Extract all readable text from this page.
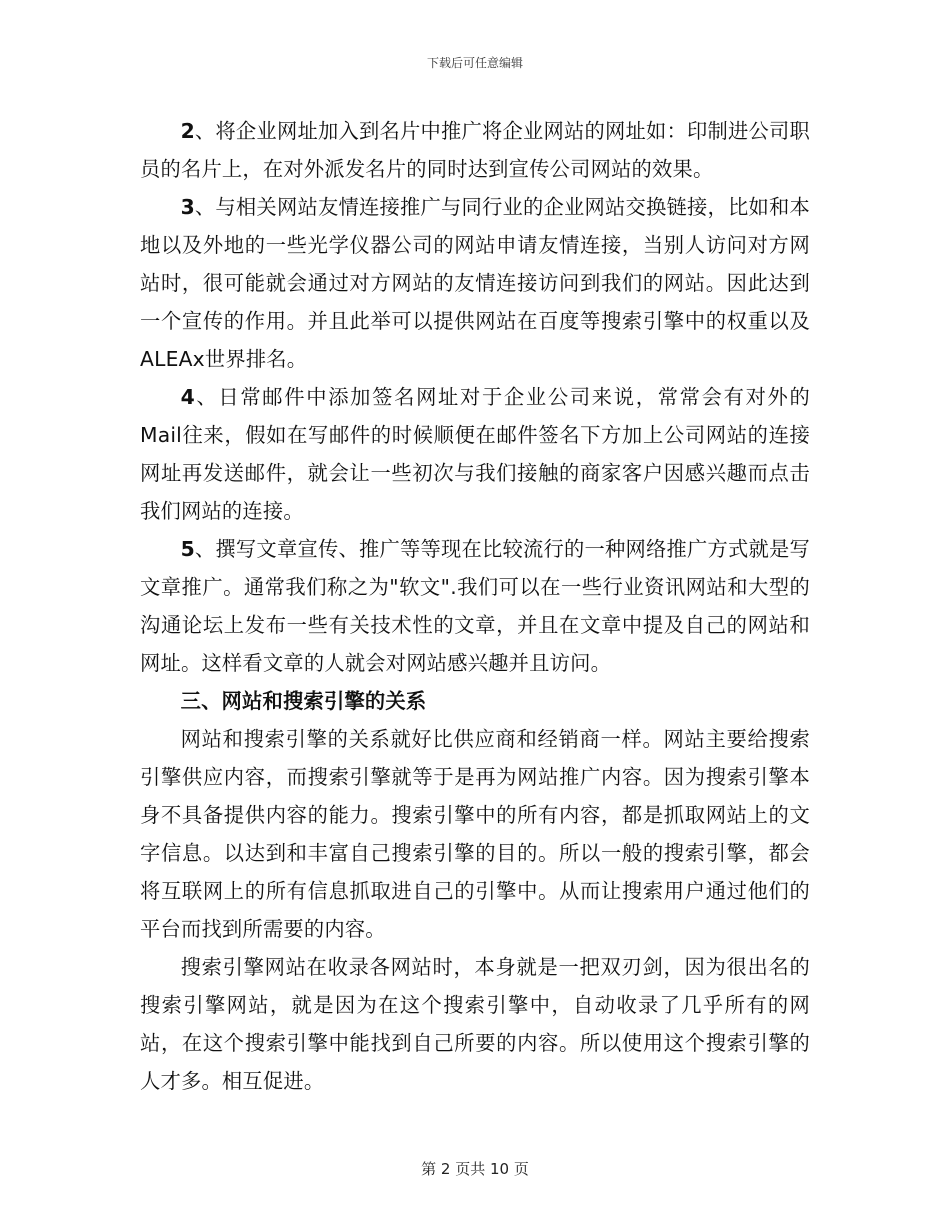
下载后可任意编辑

2、将企业网址加入到名片中推广将企业网站的网址如：印制进公司职员的名片上，在对外派发名片的同时达到宣传公司网站的效果。

3、与相关网站友情连接推广与同行业的企业网站交换链接，比如和本地以及外地的一些光学仪器公司的网站申请友情连接，当别人访问对方网站时，很可能就会通过对方网站的友情连接访问到我们的网站。因此达到一个宣传的作用。并且此举可以提供网站在百度等搜索引擎中的权重以及ALEAx世界排名。

4、日常邮件中添加签名网址对于企业公司来说，常常会有对外的Mail往来，假如在写邮件的时候顺便在邮件签名下方加上公司网站的连接网址再发送邮件，就会让一些初次与我们接触的商家客户因感兴趣而点击我们网站的连接。

5、撰写文章宣传、推广等等现在比较流行的一种网络推广方式就是写文章推广。通常我们称之为"软文".我们可以在一些行业资讯网站和大型的沟通论坛上发布一些有关技术性的文章，并且在文章中提及自己的网站和网址。这样看文章的人就会对网站感兴趣并且访问。

三、网站和搜索引擎的关系

网站和搜索引擎的关系就好比供应商和经销商一样。网站主要给搜索引擎供应内容，而搜索引擎就等于是再为网站推广内容。因为搜索引擎本身不具备提供内容的能力。搜索引擎中的所有内容，都是抓取网站上的文字信息。以达到和丰富自己搜索引擎的目的。所以一般的搜索引擎，都会将互联网上的所有信息抓取进自己的引擎中。从而让搜索用户通过他们的平台而找到所需要的内容。

搜索引擎网站在收录各网站时，本身就是一把双刃剑，因为很出名的搜索引擎网站，就是因为在这个搜索引擎中，自动收录了几乎所有的网站，在这个搜索引擎中能找到自己所要的内容。所以使用这个搜索引擎的人才多。相互促进。

第 2 页共 10 页
